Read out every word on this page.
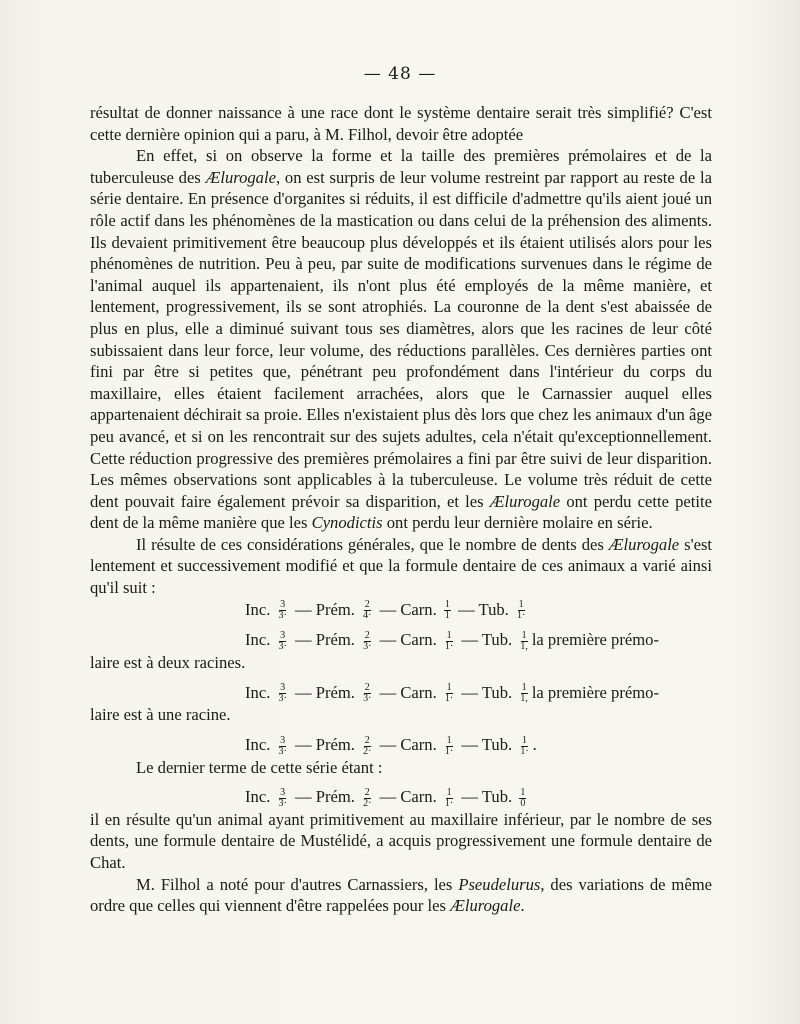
— 48 —

résultat de donner naissance à une race dont le système dentaire serait très simplifié? C'est cette dernière opinion qui a paru, à M. Filhol, devoir être adoptée

En effet, si on observe la forme et la taille des premières prémolaires et de la tuberculeuse des Ælurogale, on est surpris de leur volume restreint par rapport au reste de la série dentaire. En présence d'organites si réduits, il est difficile d'admettre qu'ils aient joué un rôle actif dans les phénomènes de la mastication ou dans celui de la préhension des aliments. Ils devaient primitivement être beaucoup plus développés et ils étaient utilisés alors pour les phénomènes de nutrition. Peu à peu, par suite de modifications survenues dans le régime de l'animal auquel ils appartenaient, ils n'ont plus été employés de la même manière, et lentement, progressivement, ils se sont atrophiés. La couronne de la dent s'est abaissée de plus en plus, elle a diminué suivant tous ses diamètres, alors que les racines de leur côté subissaient dans leur force, leur volume, des réductions parallèles. Ces dernières parties ont fini par être si petites que, pénétrant peu profondément dans l'intérieur du corps du maxillaire, elles étaient facilement arrachées, alors que le Carnassier auquel elles appartenaient déchirait sa proie. Elles n'existaient plus dès lors que chez les animaux d'un âge peu avancé, et si on les rencontrait sur des sujets adultes, cela n'était qu'exceptionnellement. Cette réduction progressive des premières prémolaires a fini par être suivi de leur disparition. Les mêmes observations sont applicables à la tuberculeuse. Le volume très réduit de cette dent pouvait faire également prévoir sa disparition, et les Ælurogale ont perdu cette petite dent de la même manière que les Cynodictis ont perdu leur dernière molaire en série.

Il résulte de ces considérations générales, que le nombre de dents des Ælurogale s'est lentement et successivement modifié et que la formule dentaire de ces animaux a varié ainsi qu'il suit :

Inc. $\frac{3}{3\cdot}$ — Prém. $\frac{2}{4\cdot}$ — Carn. $\frac{1}{1}$ — Tub. $\frac{1}{1\cdot}$
Inc. $\frac{3}{3\cdot}$ — Prém. $\frac{2}{3\cdot}$ — Carn. $\frac{1}{1\cdot}$ — Tub. $\frac{1}{1,}$ la première prémo-

laire est à deux racines.

Inc. $\frac{3}{3\cdot}$ — Prém. $\frac{2}{3\cdot}$ — Carn. $\frac{1}{1\cdot}$ — Tub. $\frac{1}{1,}$ la première prémo-

laire est à une racine.

Inc. $\frac{3}{3\cdot}$ — Prém. $\frac{2}{2\cdot}$ — Carn. $\frac{1}{1\cdot}$ — Tub. $\frac{1}{1\cdot}$ .

Le dernier terme de cette série étant :

Inc. $\frac{3}{3\cdot}$ — Prém. $\frac{2}{2\cdot}$ — Carn. $\frac{1}{1\cdot}$ — Tub. $\frac{1}{0}$

il en résulte qu'un animal ayant primitivement au maxillaire inférieur, par le nombre de ses dents, une formule dentaire de Mustélidé, a acquis progressivement une formule dentaire de Chat.

M. Filhol a noté pour d'autres Carnassiers, les Pseudelurus, des variations de même ordre que celles qui viennent d'être rappelées pour les Ælurogale.
